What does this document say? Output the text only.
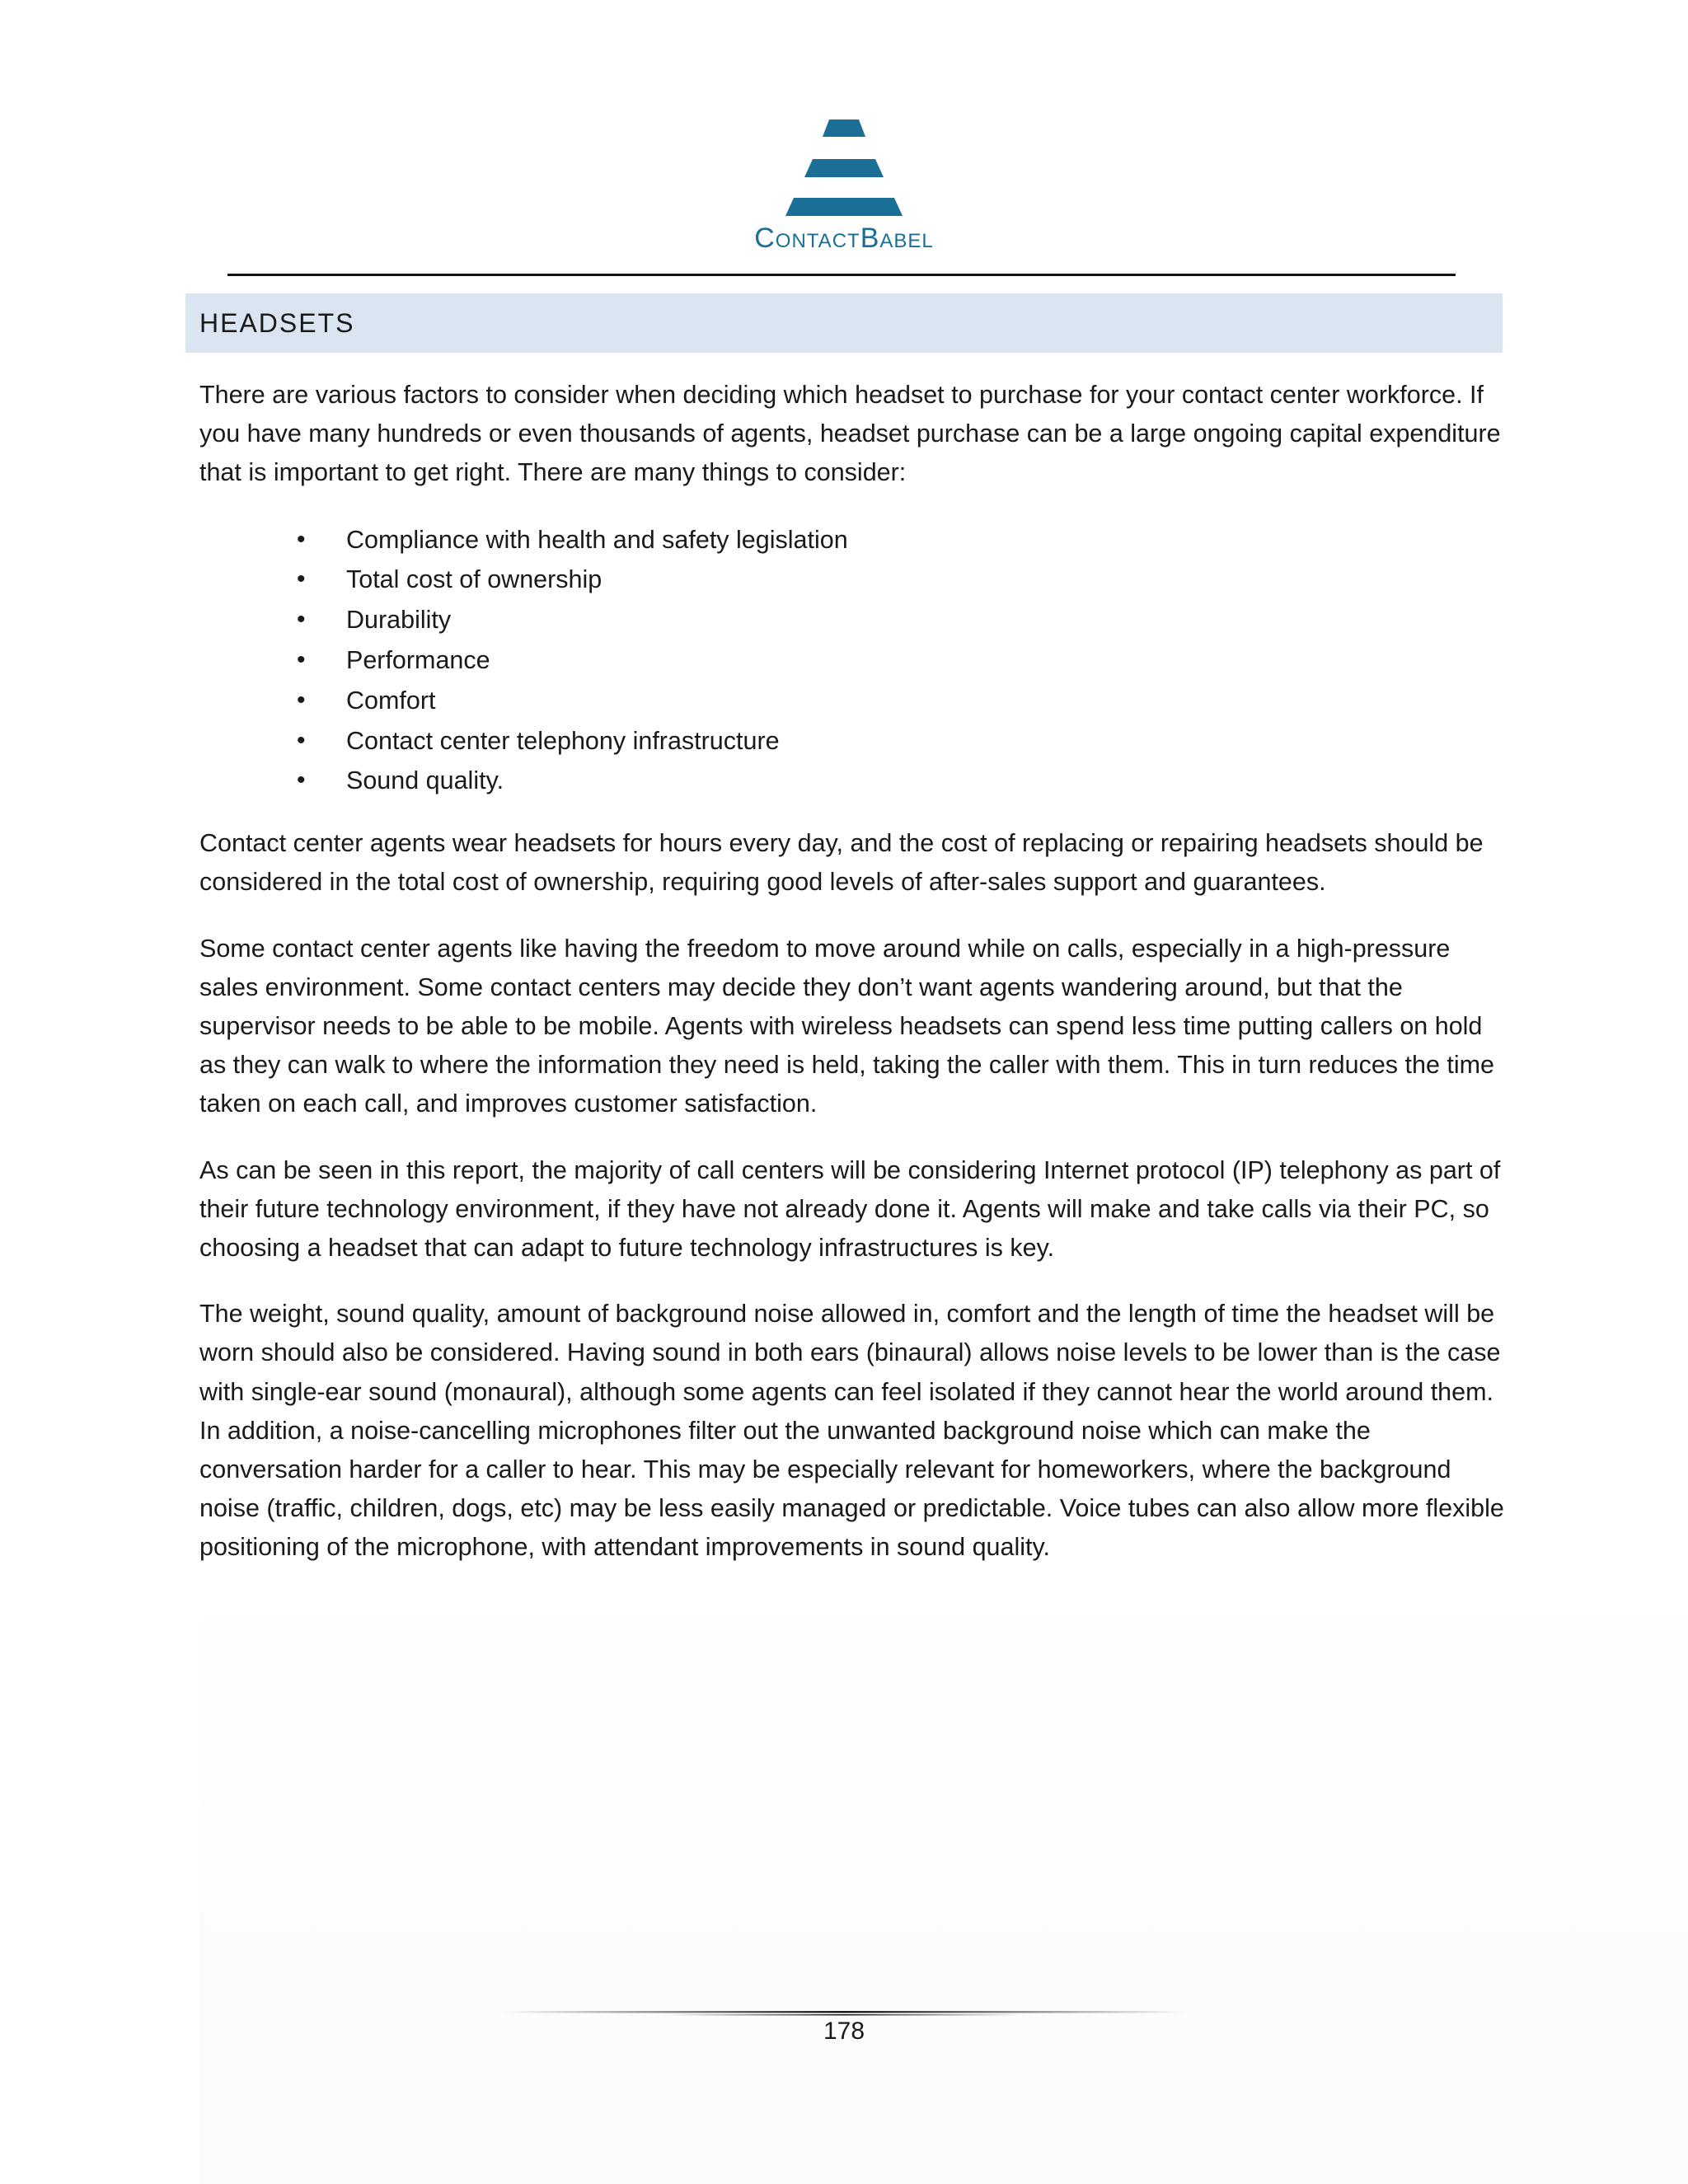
ContactBabel
HEADSETS

There are various factors to consider when deciding which headset to purchase for your contact center workforce. If you have many hundreds or even thousands of agents, headset purchase can be a large ongoing capital expenditure that is important to get right. There are many things to consider:

• Compliance with health and safety legislation
• Total cost of ownership
• Durability
• Performance
• Comfort
• Contact center telephony infrastructure
• Sound quality.

Contact center agents wear headsets for hours every day, and the cost of replacing or repairing headsets should be considered in the total cost of ownership, requiring good levels of after-sales support and guarantees.

Some contact center agents like having the freedom to move around while on calls, especially in a high-pressure sales environment. Some contact centers may decide they don’t want agents wandering around, but that the supervisor needs to be able to be mobile. Agents with wireless headsets can spend less time putting callers on hold as they can walk to where the information they need is held, taking the caller with them. This in turn reduces the time taken on each call, and improves customer satisfaction.

As can be seen in this report, the majority of call centers will be considering Internet protocol (IP) telephony as part of their future technology environment, if they have not already done it. Agents will make and take calls via their PC, so choosing a headset that can adapt to future technology infrastructures is key.

The weight, sound quality, amount of background noise allowed in, comfort and the length of time the headset will be worn should also be considered. Having sound in both ears (binaural) allows noise levels to be lower than is the case with single-ear sound (monaural), although some agents can feel isolated if they cannot hear the world around them. In addition, a noise-cancelling microphones filter out the unwanted background noise which can make the conversation harder for a caller to hear. This may be especially relevant for homeworkers, where the background noise (traffic, children, dogs, etc) may be less easily managed or predictable. Voice tubes can also allow more flexible positioning of the microphone, with attendant improvements in sound quality.

178
